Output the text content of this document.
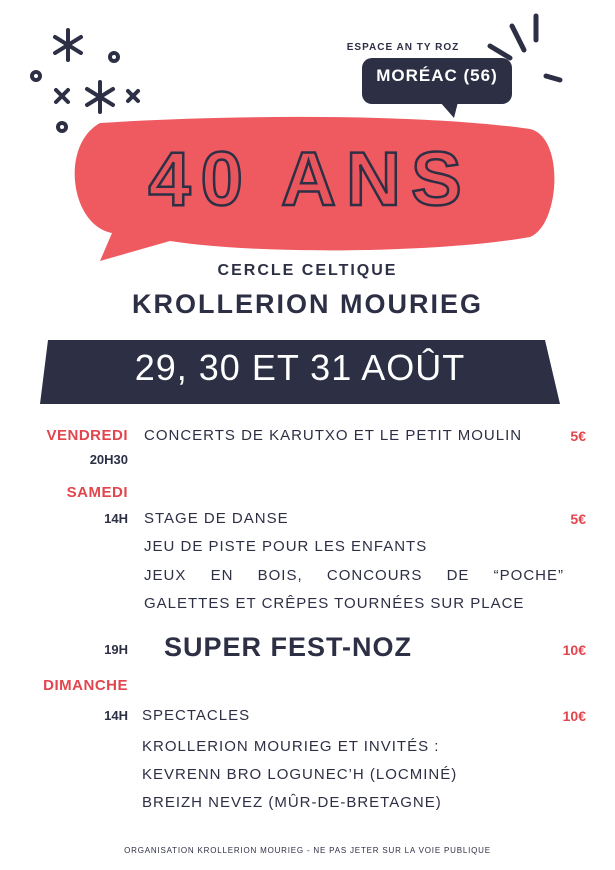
ESPACE AN TY ROZ
MORÉAC (56)
40 ANS
CERCLE CELTIQUE
KROLLERION MOURIEG
29, 30 ET 31 AOÛT
VENDREDI
20H30
CONCERTS DE KARUTXO ET LE PETIT MOULIN	5€
SAMEDI
14H STAGE DE DANSE	5€
JEU DE PISTE POUR LES ENFANTS
JEUX EN BOIS, CONCOURS DE “POCHE”
GALETTES ET CRÊPES TOURNÉES SUR PLACE
19H SUPER FEST-NOZ	10€
DIMANCHE
14H SPECTACLES	10€
KROLLERION MOURIEG ET INVITÉS :
KEVRENN BRO LOGUNEC’H (LOCMINÉ)
BREIZH NEVEZ (MÛR-DE-BRETAGNE)
ORGANISATION KROLLERION MOURIEG - NE PAS JETER SUR LA VOIE PUBLIQUE
